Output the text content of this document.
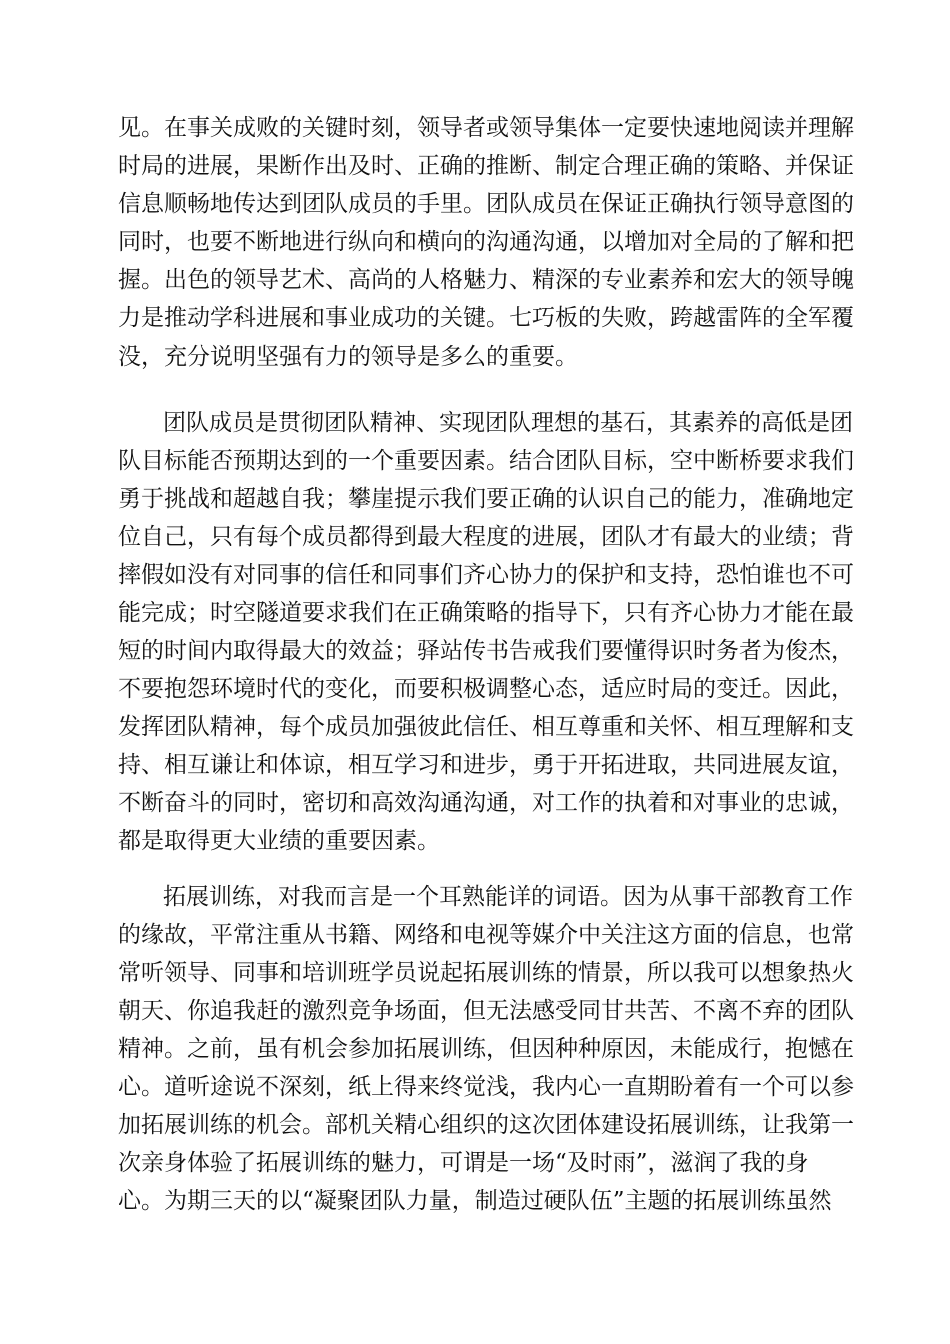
见。在事关成败的关键时刻，领导者或领导集体一定要快速地阅读并理解
时局的进展，果断作出及时、正确的推断、制定合理正确的策略、并保证
信息顺畅地传达到团队成员的手里。团队成员在保证正确执行领导意图的
同时，也要不断地进行纵向和横向的沟通沟通，以增加对全局的了解和把
握。出色的领导艺术、高尚的人格魅力、精深的专业素养和宏大的领导魄
力是推动学科进展和事业成功的关键。七巧板的失败，跨越雷阵的全军覆
没，充分说明坚强有力的领导是多么的重要。
团队成员是贯彻团队精神、实现团队理想的基石，其素养的高低是团
队目标能否预期达到的一个重要因素。结合团队目标，空中断桥要求我们
勇于挑战和超越自我；攀崖提示我们要正确的认识自己的能力，准确地定
位自己，只有每个成员都得到最大程度的进展，团队才有最大的业绩；背
摔假如没有对同事的信任和同事们齐心协力的保护和支持，恐怕谁也不可
能完成；时空隧道要求我们在正确策略的指导下，只有齐心协力才能在最
短的时间内取得最大的效益；驿站传书告戒我们要懂得识时务者为俊杰，
不要抱怨环境时代的变化，而要积极调整心态，适应时局的变迁。因此，
发挥团队精神，每个成员加强彼此信任、相互尊重和关怀、相互理解和支
持、相互谦让和体谅，相互学习和进步，勇于开拓进取，共同进展友谊，
不断奋斗的同时，密切和高效沟通沟通，对工作的执着和对事业的忠诚，
都是取得更大业绩的重要因素。
拓展训练，对我而言是一个耳熟能详的词语。因为从事干部教育工作
的缘故，平常注重从书籍、网络和电视等媒介中关注这方面的信息，也常
常听领导、同事和培训班学员说起拓展训练的情景，所以我可以想象热火
朝天、你追我赶的激烈竞争场面，但无法感受同甘共苦、不离不弃的团队
精神。之前，虽有机会参加拓展训练，但因种种原因，未能成行，抱憾在
心。道听途说不深刻，纸上得来终觉浅，我内心一直期盼着有一个可以参
加拓展训练的机会。部机关精心组织的这次团体建设拓展训练，让我第一
次亲身体验了拓展训练的魅力，可谓是一场“及时雨”，滋润了我的身
心。为期三天的以“凝聚团队力量，制造过硬队伍”主题的拓展训练虽然
